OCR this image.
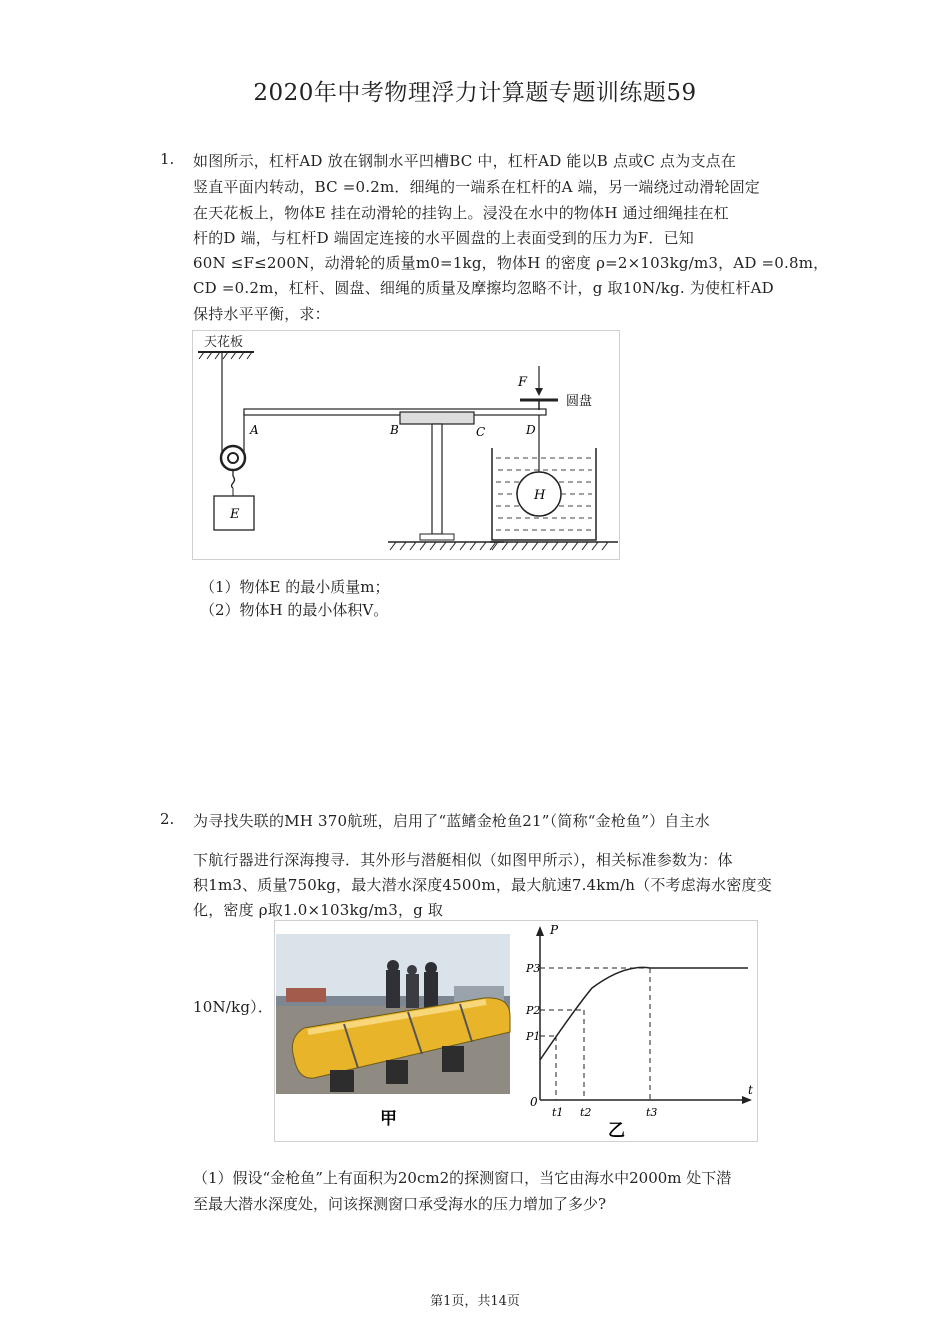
2020年中考物理浮力计算题专题训练题59
1. 如图所示，杠杆AD 放在钢制水平凹槽BC 中，杠杆AD 能以B 点或C 点为支点在
竖直平面内转动，BC =0.2m．细绳的一端系在杠杆的A 端，另一端绕过动滑轮固定
在天花板上，物体E 挂在动滑轮的挂钩上。浸没在水中的物体H 通过细绳挂在杠
杆的D 端，与杠杆D 端固定连接的水平圆盘的上表面受到的压力为F．已知
60N ≤F≤200N，动滑轮的质量m0=1kg，物体H 的密度 ρ=2×103kg/m3，AD =0.8m，
CD =0.2m，杠杆、圆盘、细绳的质量及摩擦均忽略不计，g 取10N/kg. 为使杠杆AD
保持水平平衡，求：
天花板
E
A	B	C	D
F
圆盘
H
（1）物体E 的最小质量m；
（2）物体H 的最小体积V。
2. 为寻找失联的MH 370航班，启用了“蓝鳍金枪鱼21”（简称“金枪鱼”）自主水
下航行器进行深海搜寻．其外形与潜艇相似（如图甲所示），相关标准参数为：体
积1m3、质量750kg，最大潜水深度4500m，最大航速7.4km/h（不考虑海水密度变
化，密度 ρ取1.0×103kg/m3，g 取
10N/kg）．
甲
P
t
0
P1
P2
P3
t1 t2	t3
乙
（1）假设“金枪鱼”上有面积为20cm2的探测窗口，当它由海水中2000m 处下潜
至最大潜水深度处，问该探测窗口承受海水的压力增加了多少?
第1页，共14页
